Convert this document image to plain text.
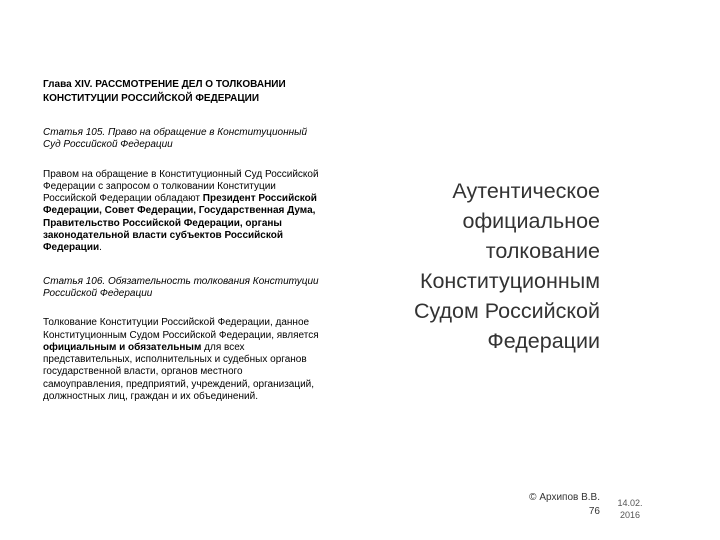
Глава XIV. РАССМОТРЕНИЕ ДЕЛ О ТОЛКОВАНИИ
КОНСТИТУЦИИ РОССИЙСКОЙ ФЕДЕРАЦИИ
Статья 105. Право на обращение в Конституционный Суд Российской Федерации
Правом на обращение в Конституционный Суд Российской Федерации с запросом о толковании Конституции Российской Федерации обладают Президент Российской Федерации, Совет Федерации, Государственная Дума, Правительство Российской Федерации, органы законодательной власти субъектов Российской Федерации.
Статья 106. Обязательность толкования Конституции Российской Федерации
Толкование Конституции Российской Федерации, данное Конституционным Судом Российской Федерации, является официальным и обязательным для всех представительных, исполнительных и судебных органов государственной власти, органов местного самоуправления, предприятий, учреждений, организаций, должностных лиц, граждан и их объединений.
Аутентическое
официальное
толкование
Конституционным
Судом Российской
Федерации
© Архипов В.В.
76
14.02.
2016
